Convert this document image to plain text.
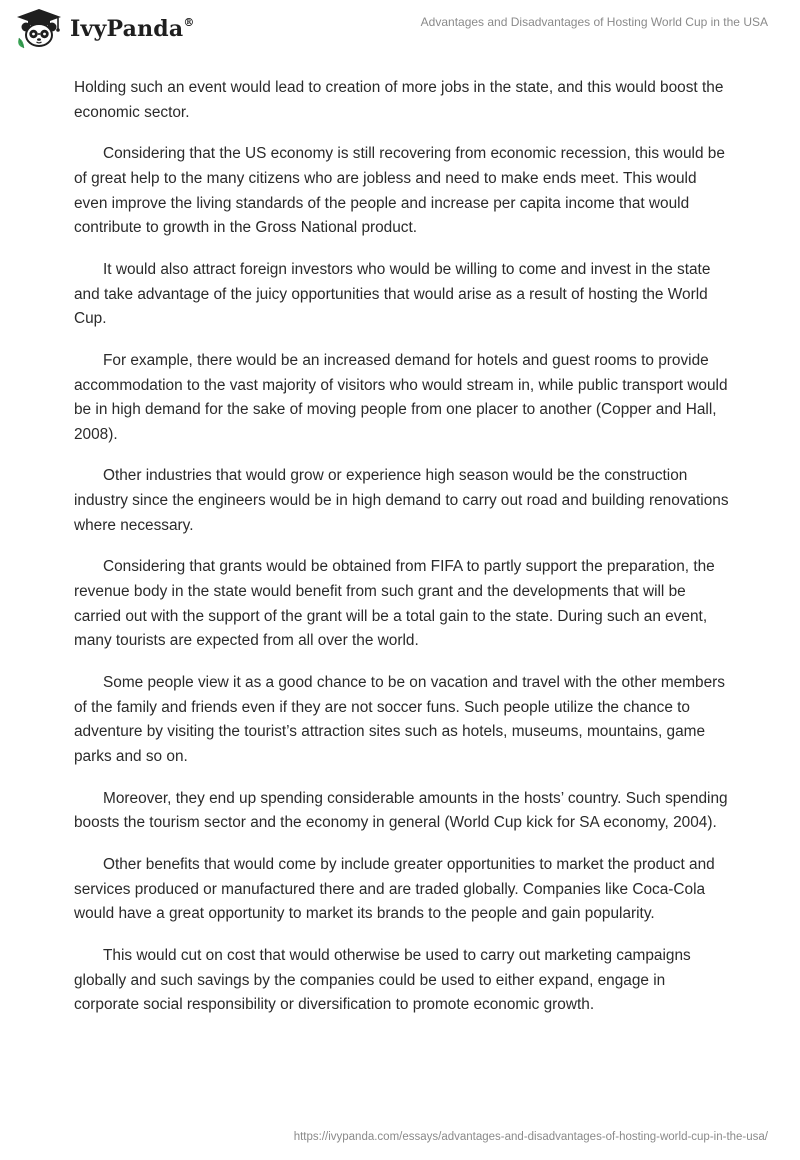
IvyPanda®	Advantages and Disadvantages of Hosting World Cup in the USA

Holding such an event would lead to creation of more jobs in the state, and this would boost the economic sector.

Considering that the US economy is still recovering from economic recession, this would be of great help to the many citizens who are jobless and need to make ends meet. This would even improve the living standards of the people and increase per capita income that would contribute to growth in the Gross National product.

It would also attract foreign investors who would be willing to come and invest in the state and take advantage of the juicy opportunities that would arise as a result of hosting the World Cup.

For example, there would be an increased demand for hotels and guest rooms to provide accommodation to the vast majority of visitors who would stream in, while public transport would be in high demand for the sake of moving people from one placer to another (Copper and Hall, 2008).

Other industries that would grow or experience high season would be the construction industry since the engineers would be in high demand to carry out road and building renovations where necessary.

Considering that grants would be obtained from FIFA to partly support the preparation, the revenue body in the state would benefit from such grant and the developments that will be carried out with the support of the grant will be a total gain to the state. During such an event, many tourists are expected from all over the world.

Some people view it as a good chance to be on vacation and travel with the other members of the family and friends even if they are not soccer funs. Such people utilize the chance to adventure by visiting the tourist’s attraction sites such as hotels, museums, mountains, game parks and so on.

Moreover, they end up spending considerable amounts in the hosts’ country. Such spending boosts the tourism sector and the economy in general (World Cup kick for SA economy, 2004).

Other benefits that would come by include greater opportunities to market the product and services produced or manufactured there and are traded globally. Companies like Coca-Cola would have a great opportunity to market its brands to the people and gain popularity.

This would cut on cost that would otherwise be used to carry out marketing campaigns globally and such savings by the companies could be used to either expand, engage in corporate social responsibility or diversification to promote economic growth.

https://ivypanda.com/essays/advantages-and-disadvantages-of-hosting-world-cup-in-the-usa/
